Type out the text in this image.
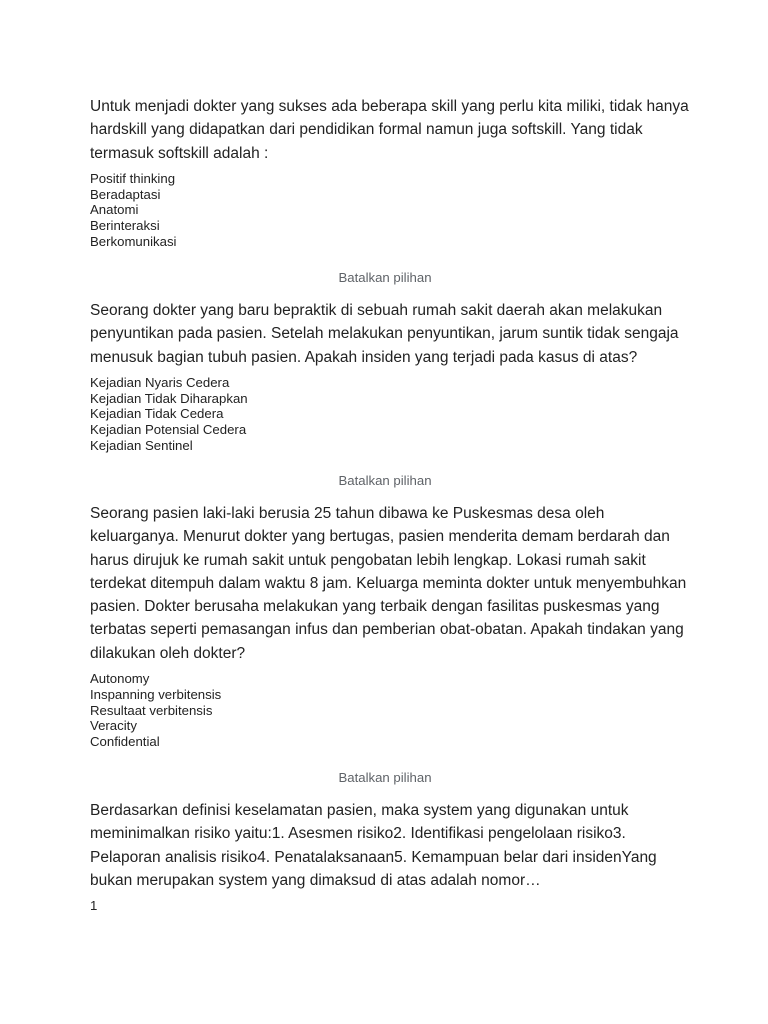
Untuk menjadi dokter yang sukses ada beberapa skill yang perlu kita miliki, tidak hanya hardskill yang didapatkan dari pendidikan formal namun juga softskill. Yang tidak termasuk softskill adalah :

Positif thinking
Beradaptasi
Anatomi
Berinteraksi
Berkomunikasi
Batalkan pilihan

Seorang dokter yang baru bepraktik di sebuah rumah sakit daerah akan melakukan penyuntikan pada pasien. Setelah melakukan penyuntikan, jarum suntik tidak sengaja menusuk bagian tubuh pasien. Apakah insiden yang terjadi pada kasus di atas?

Kejadian Nyaris Cedera
Kejadian Tidak Diharapkan
Kejadian Tidak Cedera
Kejadian Potensial Cedera
Kejadian Sentinel
Batalkan pilihan

Seorang pasien laki-laki berusia 25 tahun dibawa ke Puskesmas desa oleh keluarganya. Menurut dokter yang bertugas, pasien menderita demam berdarah dan harus dirujuk ke rumah sakit untuk pengobatan lebih lengkap. Lokasi rumah sakit terdekat ditempuh dalam waktu 8 jam. Keluarga meminta dokter untuk menyembuhkan pasien. Dokter berusaha melakukan yang terbaik dengan fasilitas puskesmas yang terbatas seperti pemasangan infus dan pemberian obat-obatan. Apakah tindakan yang dilakukan oleh dokter?

Autonomy
Inspanning verbitensis
Resultaat verbitensis
Veracity
Confidential
Batalkan pilihan

Berdasarkan definisi keselamatan pasien, maka system yang digunakan untuk meminimalkan risiko yaitu:1. Asesmen risiko2. Identifikasi pengelolaan risiko3. Pelaporan analisis risiko4. Penatalaksanaan5. Kemampuan belar dari insidenYang bukan merupakan system yang dimaksud di atas adalah nomor…

1
